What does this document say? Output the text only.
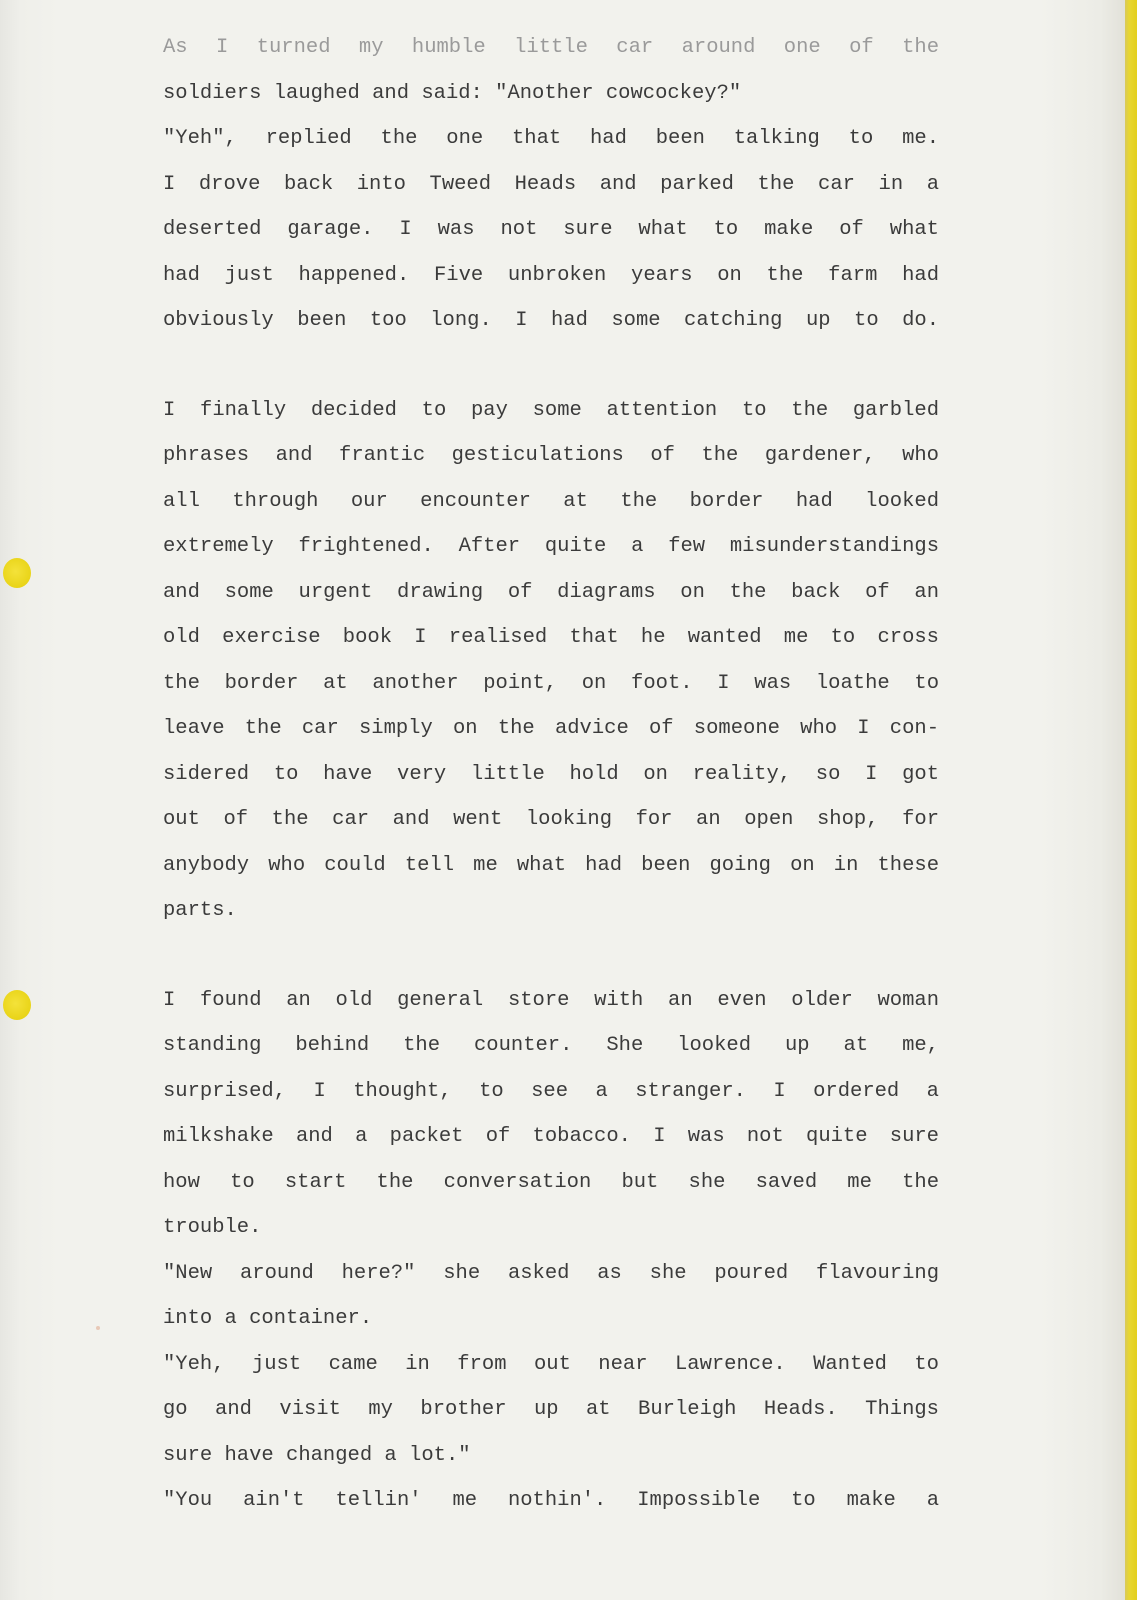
As I turned my humble little car around one of the
soldiers laughed and said: "Another cowcockey?"
"Yeh", replied the one that had been talking to me.
I drove back into Tweed Heads and parked the car in a
deserted garage. I was not sure what to make of what
had just happened. Five unbroken years on the farm had
obviously been too long. I had some catching up to do.
I finally decided to pay some attention to the garbled
phrases and frantic gesticulations of the gardener, who
all through our encounter at the border had looked
extremely frightened. After quite a few misunderstandings
and some urgent drawing of diagrams on the back of an
old exercise book I realised that he wanted me to cross
the border at another point, on foot. I was loathe to
leave the car simply on the advice of someone who I con-
sidered to have very little hold on reality, so I got
out of the car and went looking for an open shop, for
anybody who could tell me what had been going on in these
parts.
I found an old general store with an even older woman
standing behind the counter. She looked up at me,
surprised, I thought, to see a stranger. I ordered a
milkshake and a packet of tobacco. I was not quite sure
how to start the conversation but she saved me the
trouble.
"New around here?" she asked as she poured flavouring
into a container.
"Yeh, just came in from out near Lawrence. Wanted to
go and visit my brother up at Burleigh Heads. Things
sure have changed a lot."
"You ain't tellin' me nothin'. Impossible to make a
